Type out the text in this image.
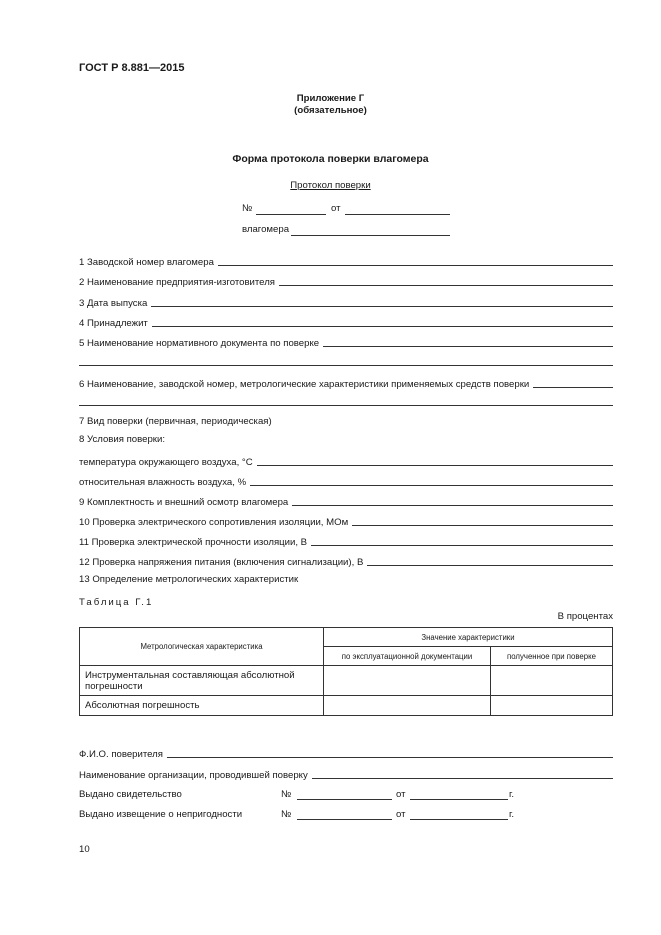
ГОСТ Р 8.881—2015
Приложение Г
(обязательное)
Форма протокола поверки влагомера
Протокол поверки
№	от
влагомера
1 Заводской номер влагомера
2 Наименование предприятия-изготовителя
3 Дата выпуска
4 Принадлежит
5 Наименование нормативного документа по поверке
6 Наименование, заводской номер, метрологические характеристики применяемых средств поверки
7 Вид поверки (первичная, периодическая)
8 Условия поверки:
температура окружающего воздуха, °С
относительная влажность воздуха, %
9 Комплектность и внешний осмотр влагомера
10 Проверка электрического сопротивления изоляции, МОм
11 Проверка электрической прочности изоляции, В
12 Проверка напряжения питания (включения сигнализации), В
13 Определение метрологических характеристик
Таблица Г.1
В процентах
Метрологическая характеристика	Значение характеристики	
	по эксплуатационной документации	полученное при поверке
Инструментальная составляющая абсолютной погрешности		
Абсолютная погрешность		
Ф.И.О. поверителя
Наименование организации, проводившей поверку
Выдано свидетельство	№	от	г.
Выдано извещение о непригодности	№	от	г.
10
